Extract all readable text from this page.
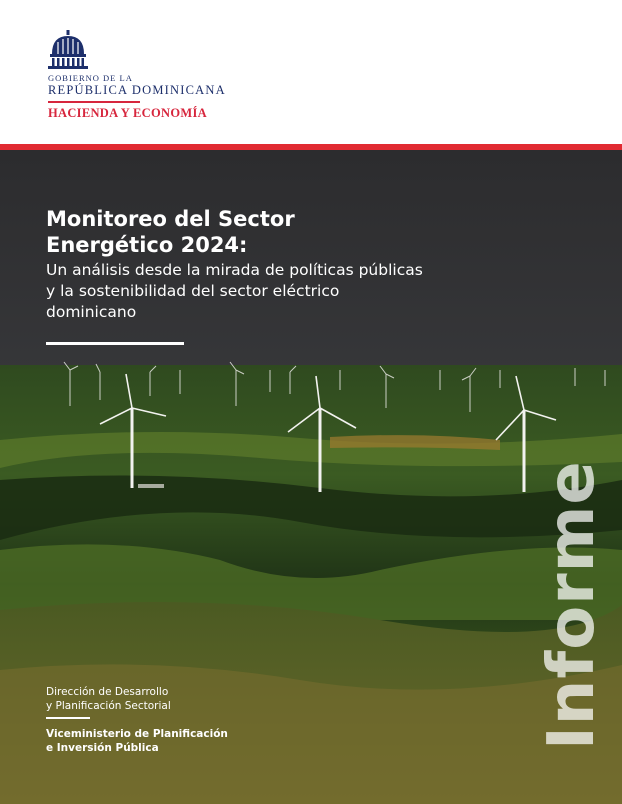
GOBIERNO DE LA
REPÚBLICA DOMINICANA
HACIENDA Y ECONOMÍA
Monitoreo del Sector Energético 2024:

Un análisis desde la mirada de políticas públicas y la sostenibilidad del sector eléctrico dominicano

Dirección de Desarrollo
y Planificación Sectorial
Viceministerio de Planificación
e Inversión Pública	Informe
